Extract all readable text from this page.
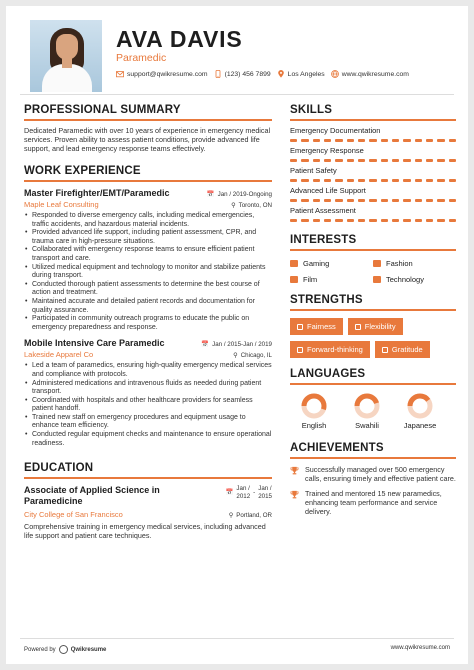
AVA DAVIS
Paramedic
support@qwikresume.com	(123) 456 7899	Los Angeles	www.qwikresume.com
PROFESSIONAL SUMMARY
Dedicated Paramedic with over 10 years of experience in emergency medical services. Proven ability to assess patient conditions, provide advanced life support, and lead emergency response teams effectively.
WORK EXPERIENCE
Master Firefighter/EMT/Paramedic	📅 Jan / 2019-Ongoing
Maple Leaf Consulting	⚲ Toronto, ON
• Responded to diverse emergency calls, including medical emergencies, traffic accidents, and hazardous material incidents.
• Provided advanced life support, including patient assessment, CPR, and trauma care in high-pressure situations.
• Collaborated with emergency response teams to ensure efficient patient transport and care.
• Utilized medical equipment and technology to monitor and stabilize patients during transport.
• Conducted thorough patient assessments to determine the best course of action and treatment.
• Maintained accurate and detailed patient records and documentation for quality assurance.
• Participated in community outreach programs to educate the public on emergency preparedness and response.
Mobile Intensive Care Paramedic	📅 Jan / 2015-Jan / 2019
Lakeside Apparel Co	⚲ Chicago, IL
• Led a team of paramedics, ensuring high-quality emergency medical services and compliance with protocols.
• Administered medications and intravenous fluids as needed during patient transport.
• Coordinated with hospitals and other healthcare providers for seamless patient handoff.
• Trained new staff on emergency procedures and equipment usage to enhance team efficiency.
• Conducted regular equipment checks and maintenance to ensure operational readiness.
EDUCATION
Associate of Applied Science in Paramedicine
📅
Jan /
2012
-
Jan /
2015
City College of San Francisco	⚲ Portland, OR
Comprehensive training in emergency medical services, including advanced life support and patient care techniques.
SKILLS
Emergency Documentation
Emergency Response
Patient Safety
Advanced Life Support
Patient Assessment
INTERESTS
Gaming	Fashion
Film	Technology
STRENGTHS
Fairness	Flexibility
Forward-thinking	Gratitude
LANGUAGES
English	Swahili	Japanese
ACHIEVEMENTS
Successfully managed over 500 emergency calls, ensuring timely and effective patient care.
Trained and mentored 15 new paramedics, enhancing team performance and service delivery.
Powered by	Qwikresume	www.qwikresume.com
